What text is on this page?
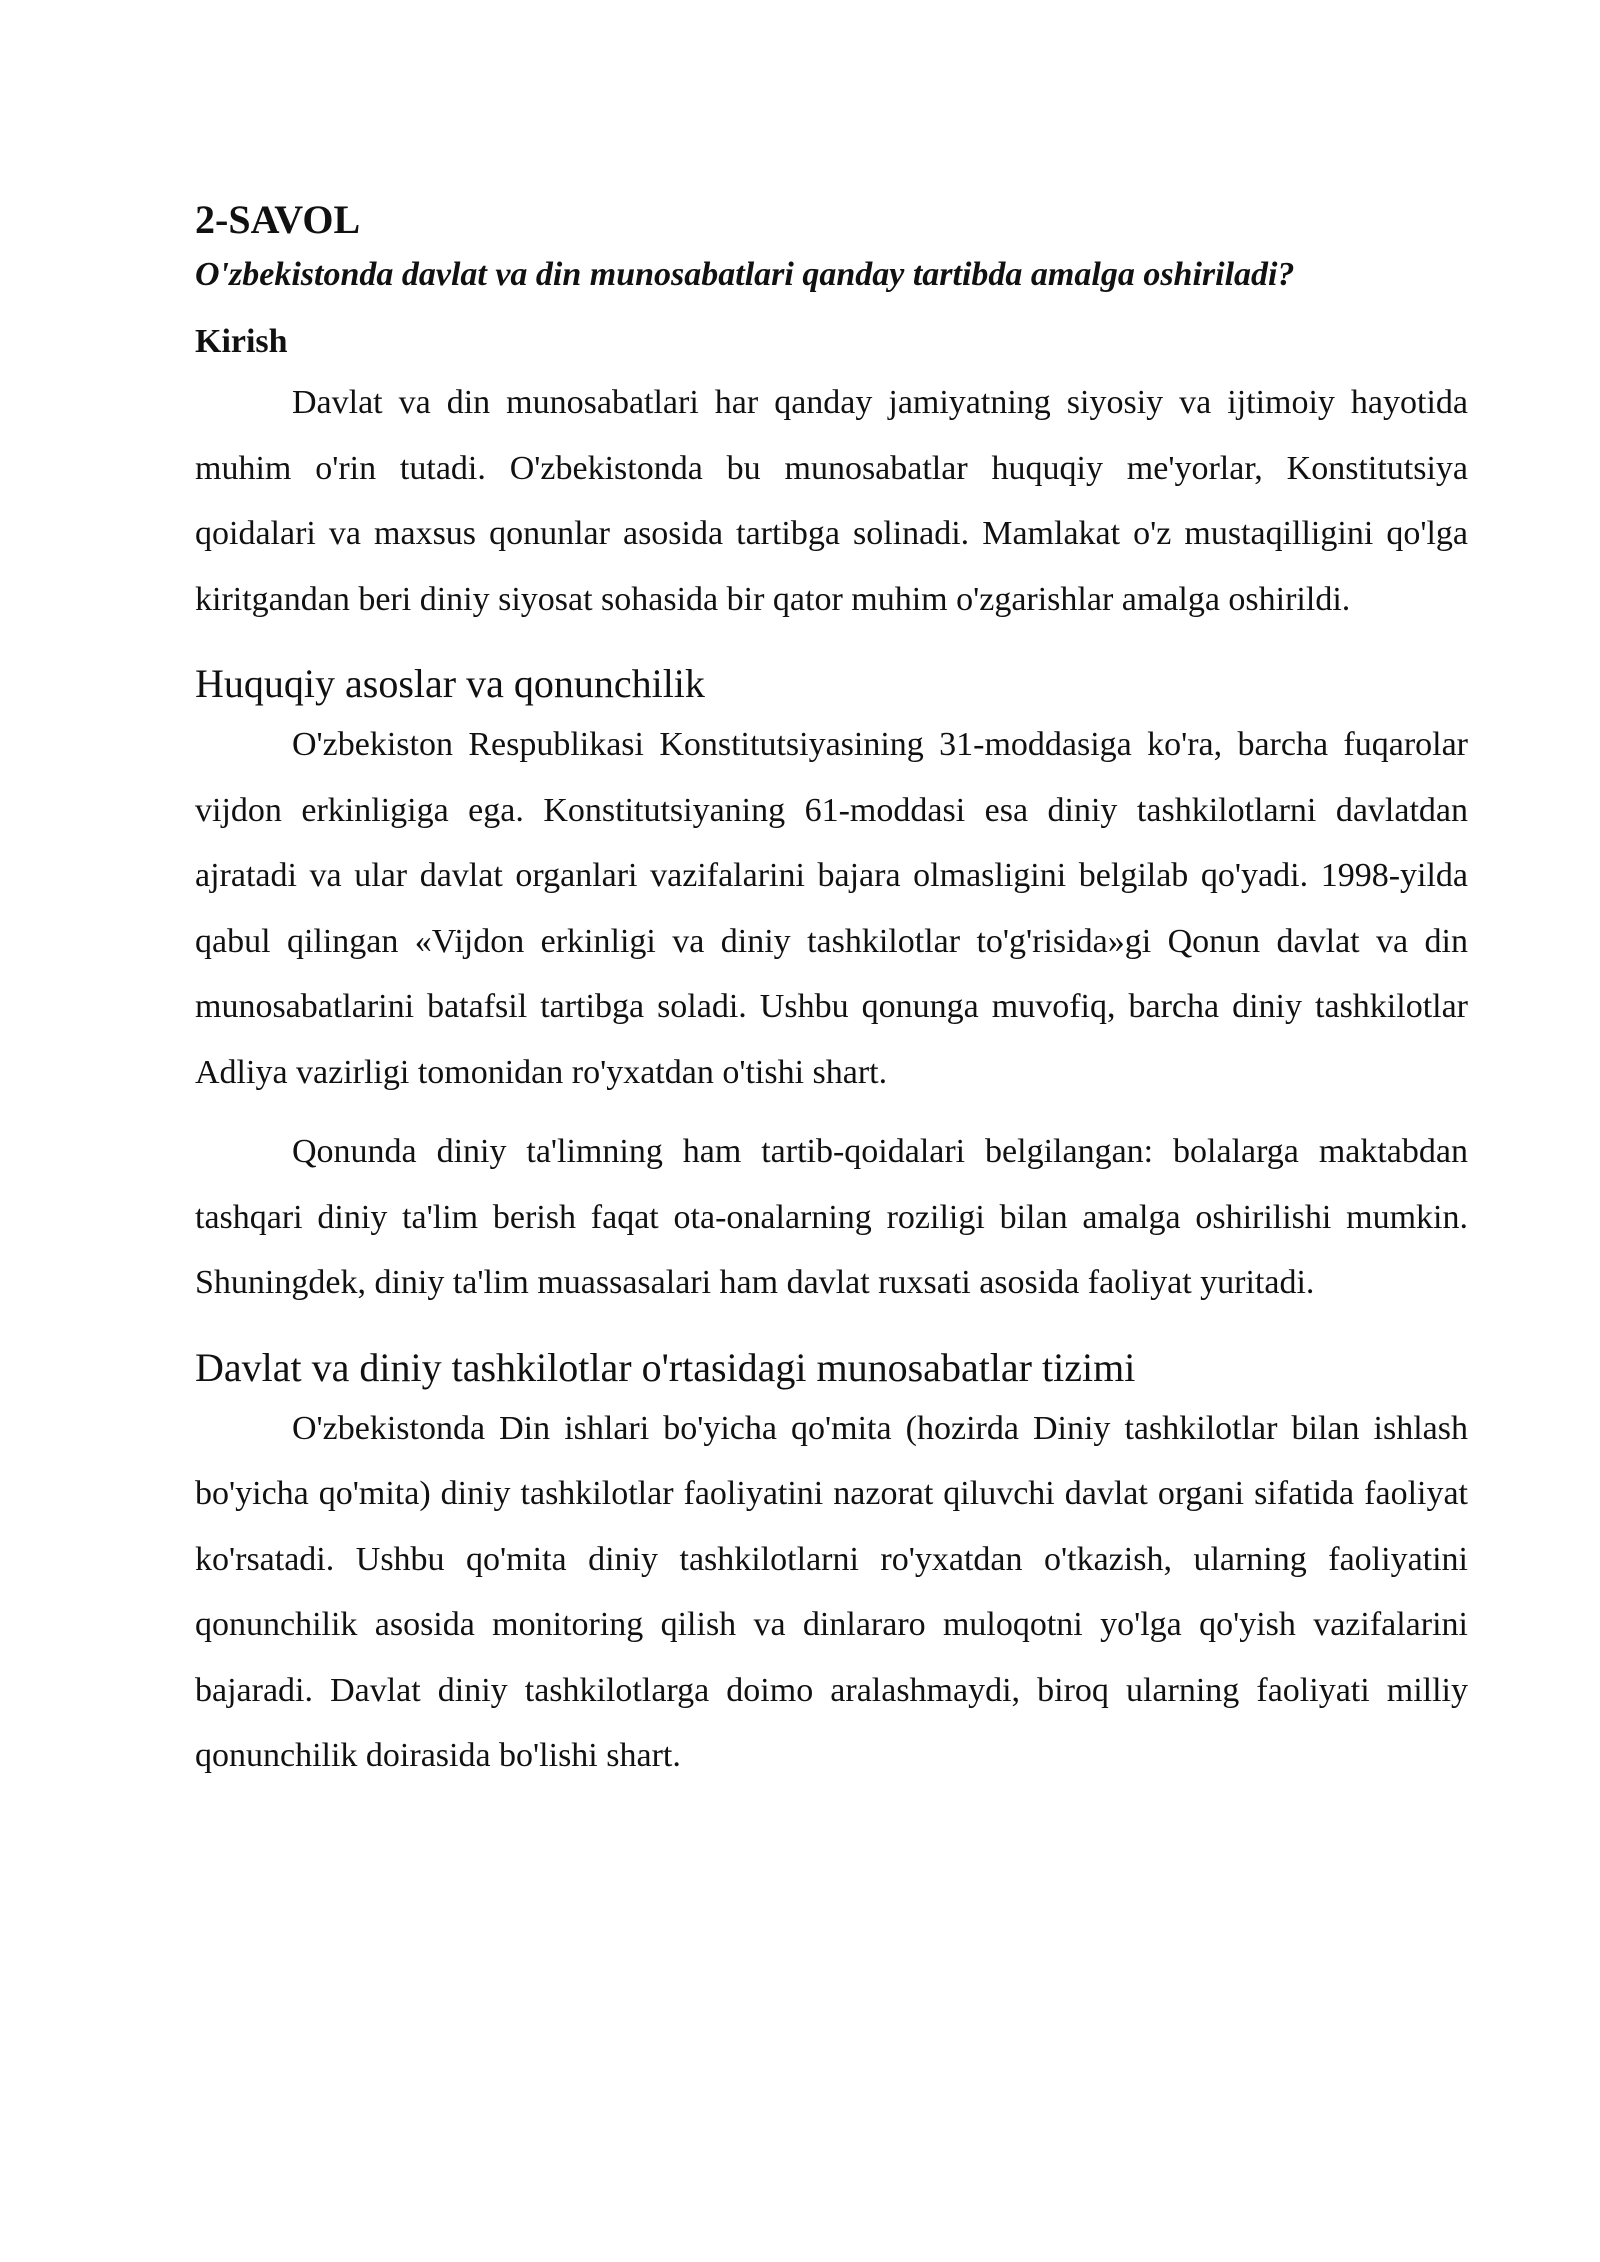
2-SAVOL
O'zbekistonda davlat va din munosabatlari qanday tartibda amalga oshiriladi?
Kirish

Davlat va din munosabatlari har qanday jamiyatning siyosiy va ijtimoiy hayotida muhim o'rin tutadi. O'zbekistonda bu munosabatlar huquqiy me'yorlar, Konstitutsiya qoidalari va maxsus qonunlar asosida tartibga solinadi. Mamlakat o'z mustaqilligini qo'lga kiritgandan beri diniy siyosat sohasida bir qator muhim o'zgarishlar amalga oshirildi.

Huquqiy asoslar va qonunchilik

O'zbekiston Respublikasi Konstitutsiyasining 31-moddasiga ko'ra, barcha fuqarolar vijdon erkinligiga ega. Konstitutsiyaning 61-moddasi esa diniy tashkilotlarni davlatdan ajratadi va ular davlat organlari vazifalarini bajara olmasligini belgilab qo'yadi. 1998-yilda qabul qilingan «Vijdon erkinligi va diniy tashkilotlar to'g'risida»gi Qonun davlat va din munosabatlarini batafsil tartibga soladi. Ushbu qonunga muvofiq, barcha diniy tashkilotlar Adliya vazirligi tomonidan ro'yxatdan o'tishi shart.

Qonunda diniy ta'limning ham tartib-qoidalari belgilangan: bolalarga maktabdan tashqari diniy ta'lim berish faqat ota-onalarning roziligi bilan amalga oshirilishi mumkin. Shuningdek, diniy ta'lim muassasalari ham davlat ruxsati asosida faoliyat yuritadi.

Davlat va diniy tashkilotlar o'rtasidagi munosabatlar tizimi

O'zbekistonda Din ishlari bo'yicha qo'mita (hozirda Diniy tashkilotlar bilan ishlash bo'yicha qo'mita) diniy tashkilotlar faoliyatini nazorat qiluvchi davlat organi sifatida faoliyat ko'rsatadi. Ushbu qo'mita diniy tashkilotlarni ro'yxatdan o'tkazish, ularning faoliyatini qonunchilik asosida monitoring qilish va dinlararo muloqotni yo'lga qo'yish vazifalarini bajaradi. Davlat diniy tashkilotlarga doimo aralashmaydi, biroq ularning faoliyati milliy qonunchilik doirasida bo'lishi shart.
